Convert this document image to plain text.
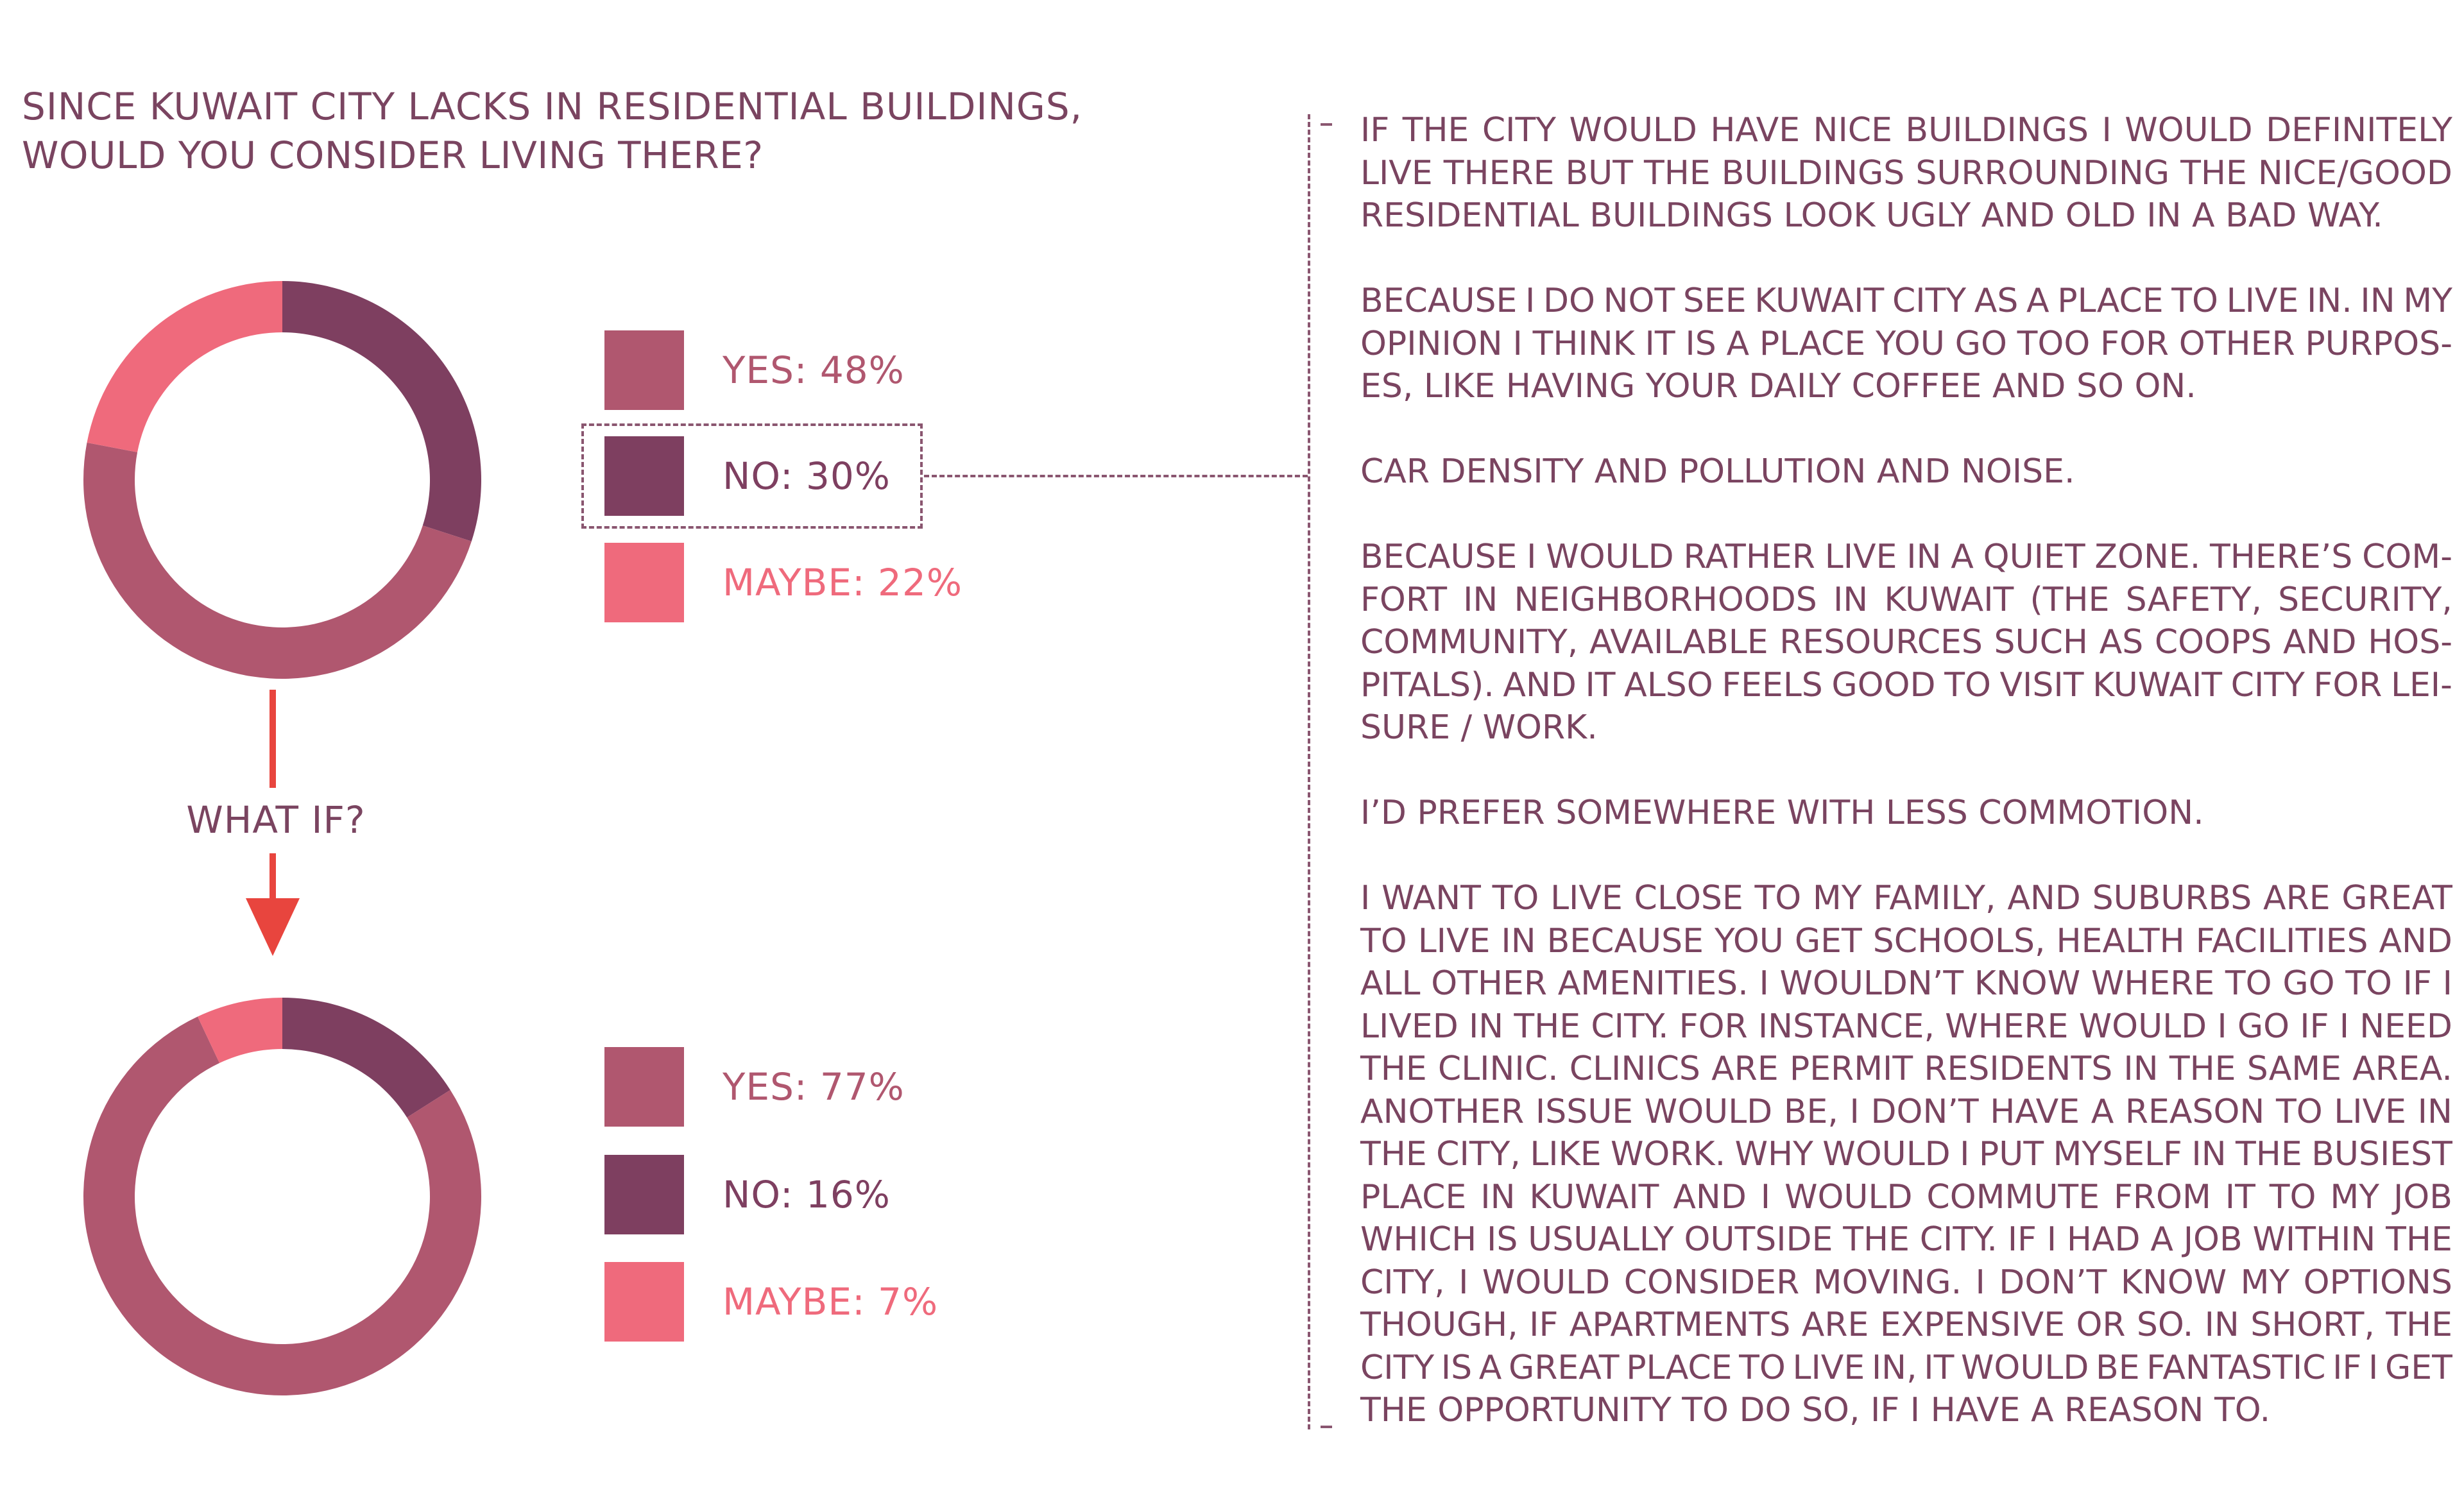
SINCE KUWAIT CITY LACKS IN RESIDENTIAL BUILDINGS,
WOULD YOU CONSIDER LIVING THERE?
YES: 48%
NO: 30%
MAYBE: 22%

IF THE CITY WOULD HAVE NICE BUILDINGS I WOULD DEFINITELY
LIVE THERE BUT THE BUILDINGS SURROUNDING THE NICE/GOOD
RESIDENTIAL BUILDINGS LOOK UGLY AND OLD IN A BAD WAY.

BECAUSE I DO NOT SEE KUWAIT CITY AS A PLACE TO LIVE IN. IN MY
OPINION I THINK IT IS A PLACE YOU GO TOO FOR OTHER PURPOS-
ES, LIKE HAVING YOUR DAILY COFFEE AND SO ON.

CAR DENSITY AND POLLUTION AND NOISE.

BECAUSE I WOULD RATHER LIVE IN A QUIET ZONE. THERE’S COM-
FORT IN NEIGHBORHOODS IN KUWAIT (THE SAFETY, SECURITY,
COMMUNITY, AVAILABLE RESOURCES SUCH AS COOPS AND HOS-
PITALS). AND IT ALSO FEELS GOOD TO VISIT KUWAIT CITY FOR LEI-
SURE / WORK.

I’D PREFER SOMEWHERE WITH LESS COMMOTION.

I WANT TO LIVE CLOSE TO MY FAMILY, AND SUBURBS ARE GREAT
TO LIVE IN BECAUSE YOU GET SCHOOLS, HEALTH FACILITIES AND
ALL OTHER AMENITIES. I WOULDN’T KNOW WHERE TO GO TO IF I
LIVED IN THE CITY. FOR INSTANCE, WHERE WOULD I GO IF I NEED
THE CLINIC. CLINICS ARE PERMIT RESIDENTS IN THE SAME AREA.
ANOTHER ISSUE WOULD BE, I DON’T HAVE A REASON TO LIVE IN
THE CITY, LIKE WORK. WHY WOULD I PUT MYSELF IN THE BUSIEST
PLACE IN KUWAIT AND I WOULD COMMUTE FROM IT TO MY JOB
WHICH IS USUALLY OUTSIDE THE CITY. IF I HAD A JOB WITHIN THE
CITY, I WOULD CONSIDER MOVING. I DON’T KNOW MY OPTIONS
THOUGH, IF APARTMENTS ARE EXPENSIVE OR SO. IN SHORT, THE
CITY IS A GREAT PLACE TO LIVE IN, IT WOULD BE FANTASTIC IF I GET
THE OPPORTUNITY TO DO SO, IF I HAVE A REASON TO.

WHAT IF?
YES: 77%
NO: 16%
MAYBE: 7%
